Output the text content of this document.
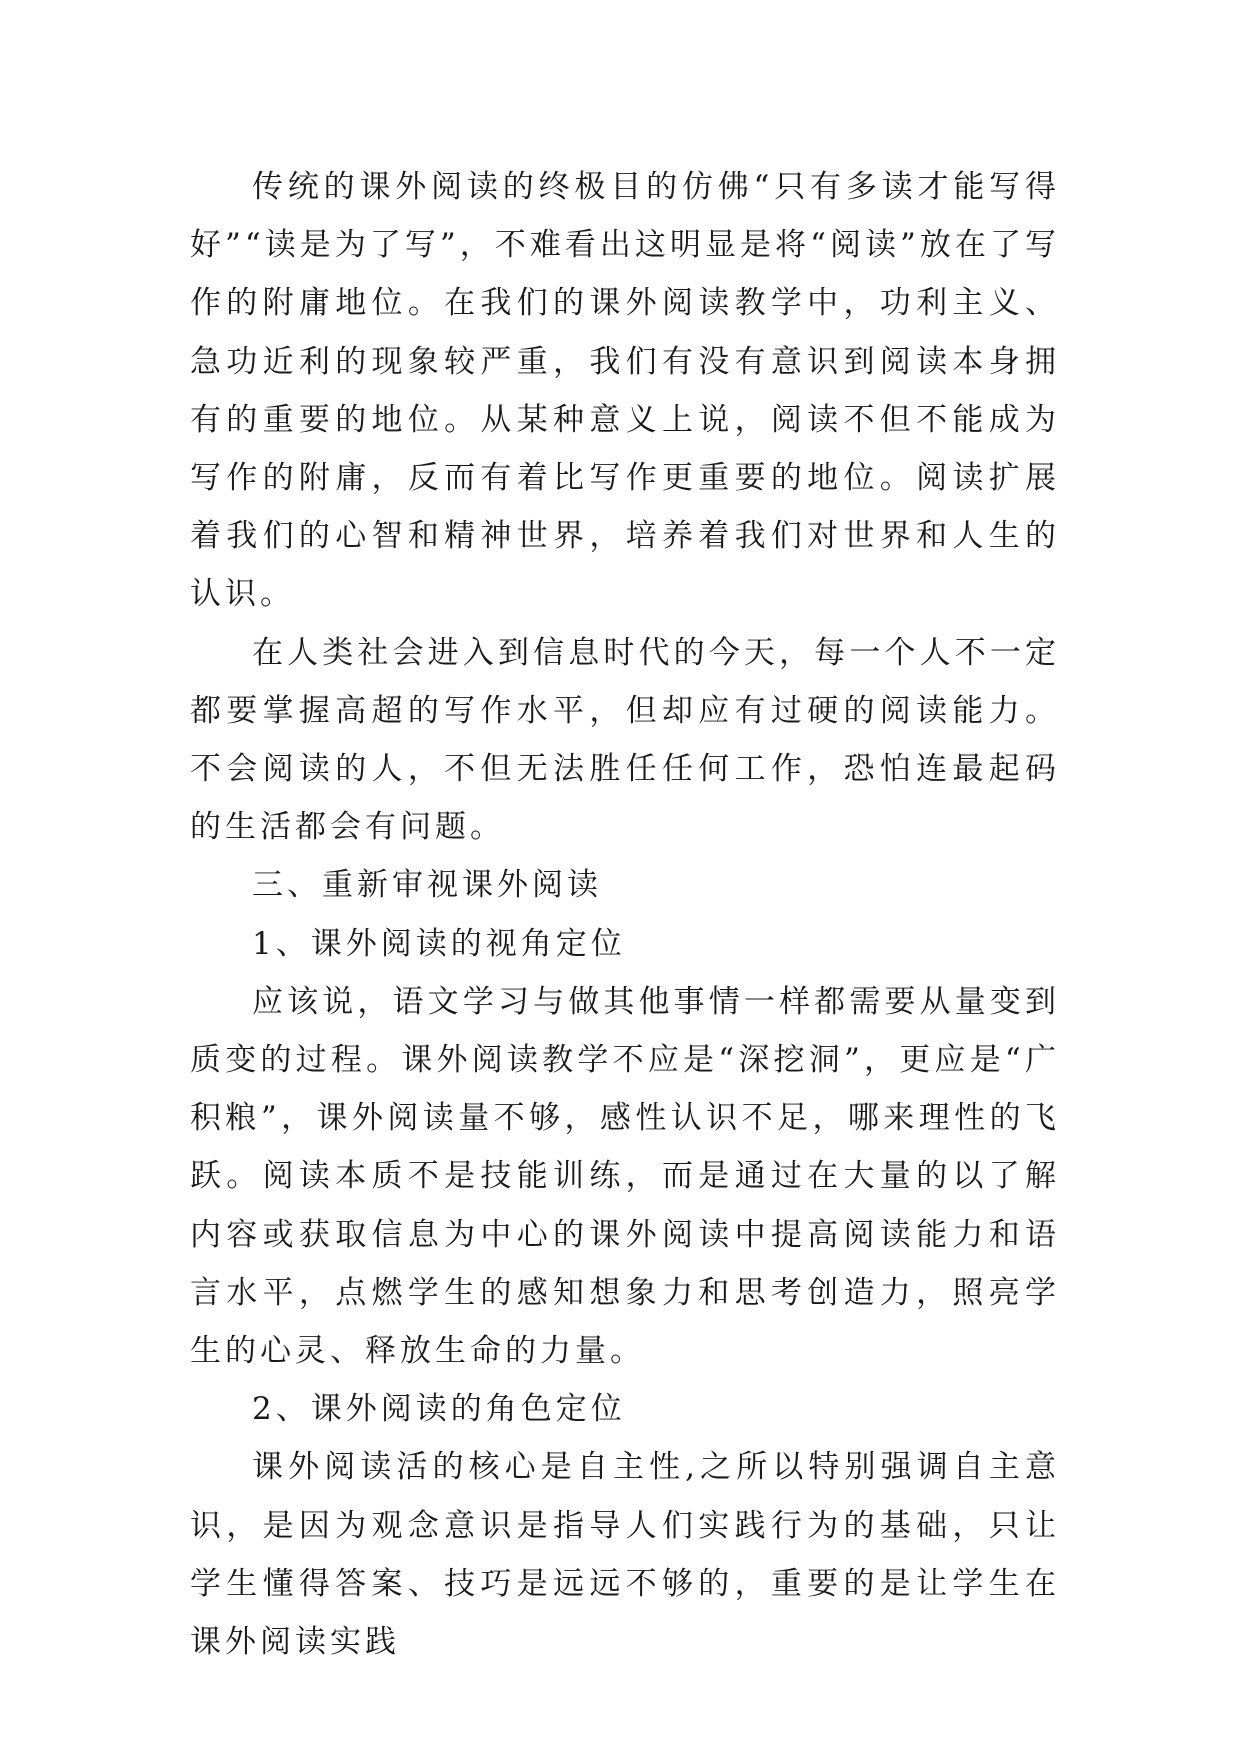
传统的课外阅读的终极目的仿佛“只有多读才能写得好”“读是为了写”，不难看出这明显是将“阅读”放在了写作的附庸地位。在我们的课外阅读教学中，功利主义、急功近利的现象较严重，我们有没有意识到阅读本身拥有的重要的地位。从某种意义上说，阅读不但不能成为写作的附庸，反而有着比写作更重要的地位。阅读扩展着我们的心智和精神世界，培养着我们对世界和人生的认识。

在人类社会进入到信息时代的今天，每一个人不一定都要掌握高超的写作水平，但却应有过硬的阅读能力。不会阅读的人，不但无法胜任任何工作，恐怕连最起码的生活都会有问题。

三、重新审视课外阅读

1、课外阅读的视角定位

应该说，语文学习与做其他事情一样都需要从量变到质变的过程。课外阅读教学不应是“深挖洞”，更应是“广积粮”，课外阅读量不够，感性认识不足，哪来理性的飞跃。阅读本质不是技能训练，而是通过在大量的以了解内容或获取信息为中心的课外阅读中提高阅读能力和语言水平，点燃学生的感知想象力和思考创造力，照亮学生的心灵、释放生命的力量。

2、课外阅读的角色定位

课外阅读活的核心是自主性,之所以特别强调自主意识，是因为观念意识是指导人们实践行为的基础，只让学生懂得答案、技巧是远远不够的，重要的是让学生在课外阅读实践
